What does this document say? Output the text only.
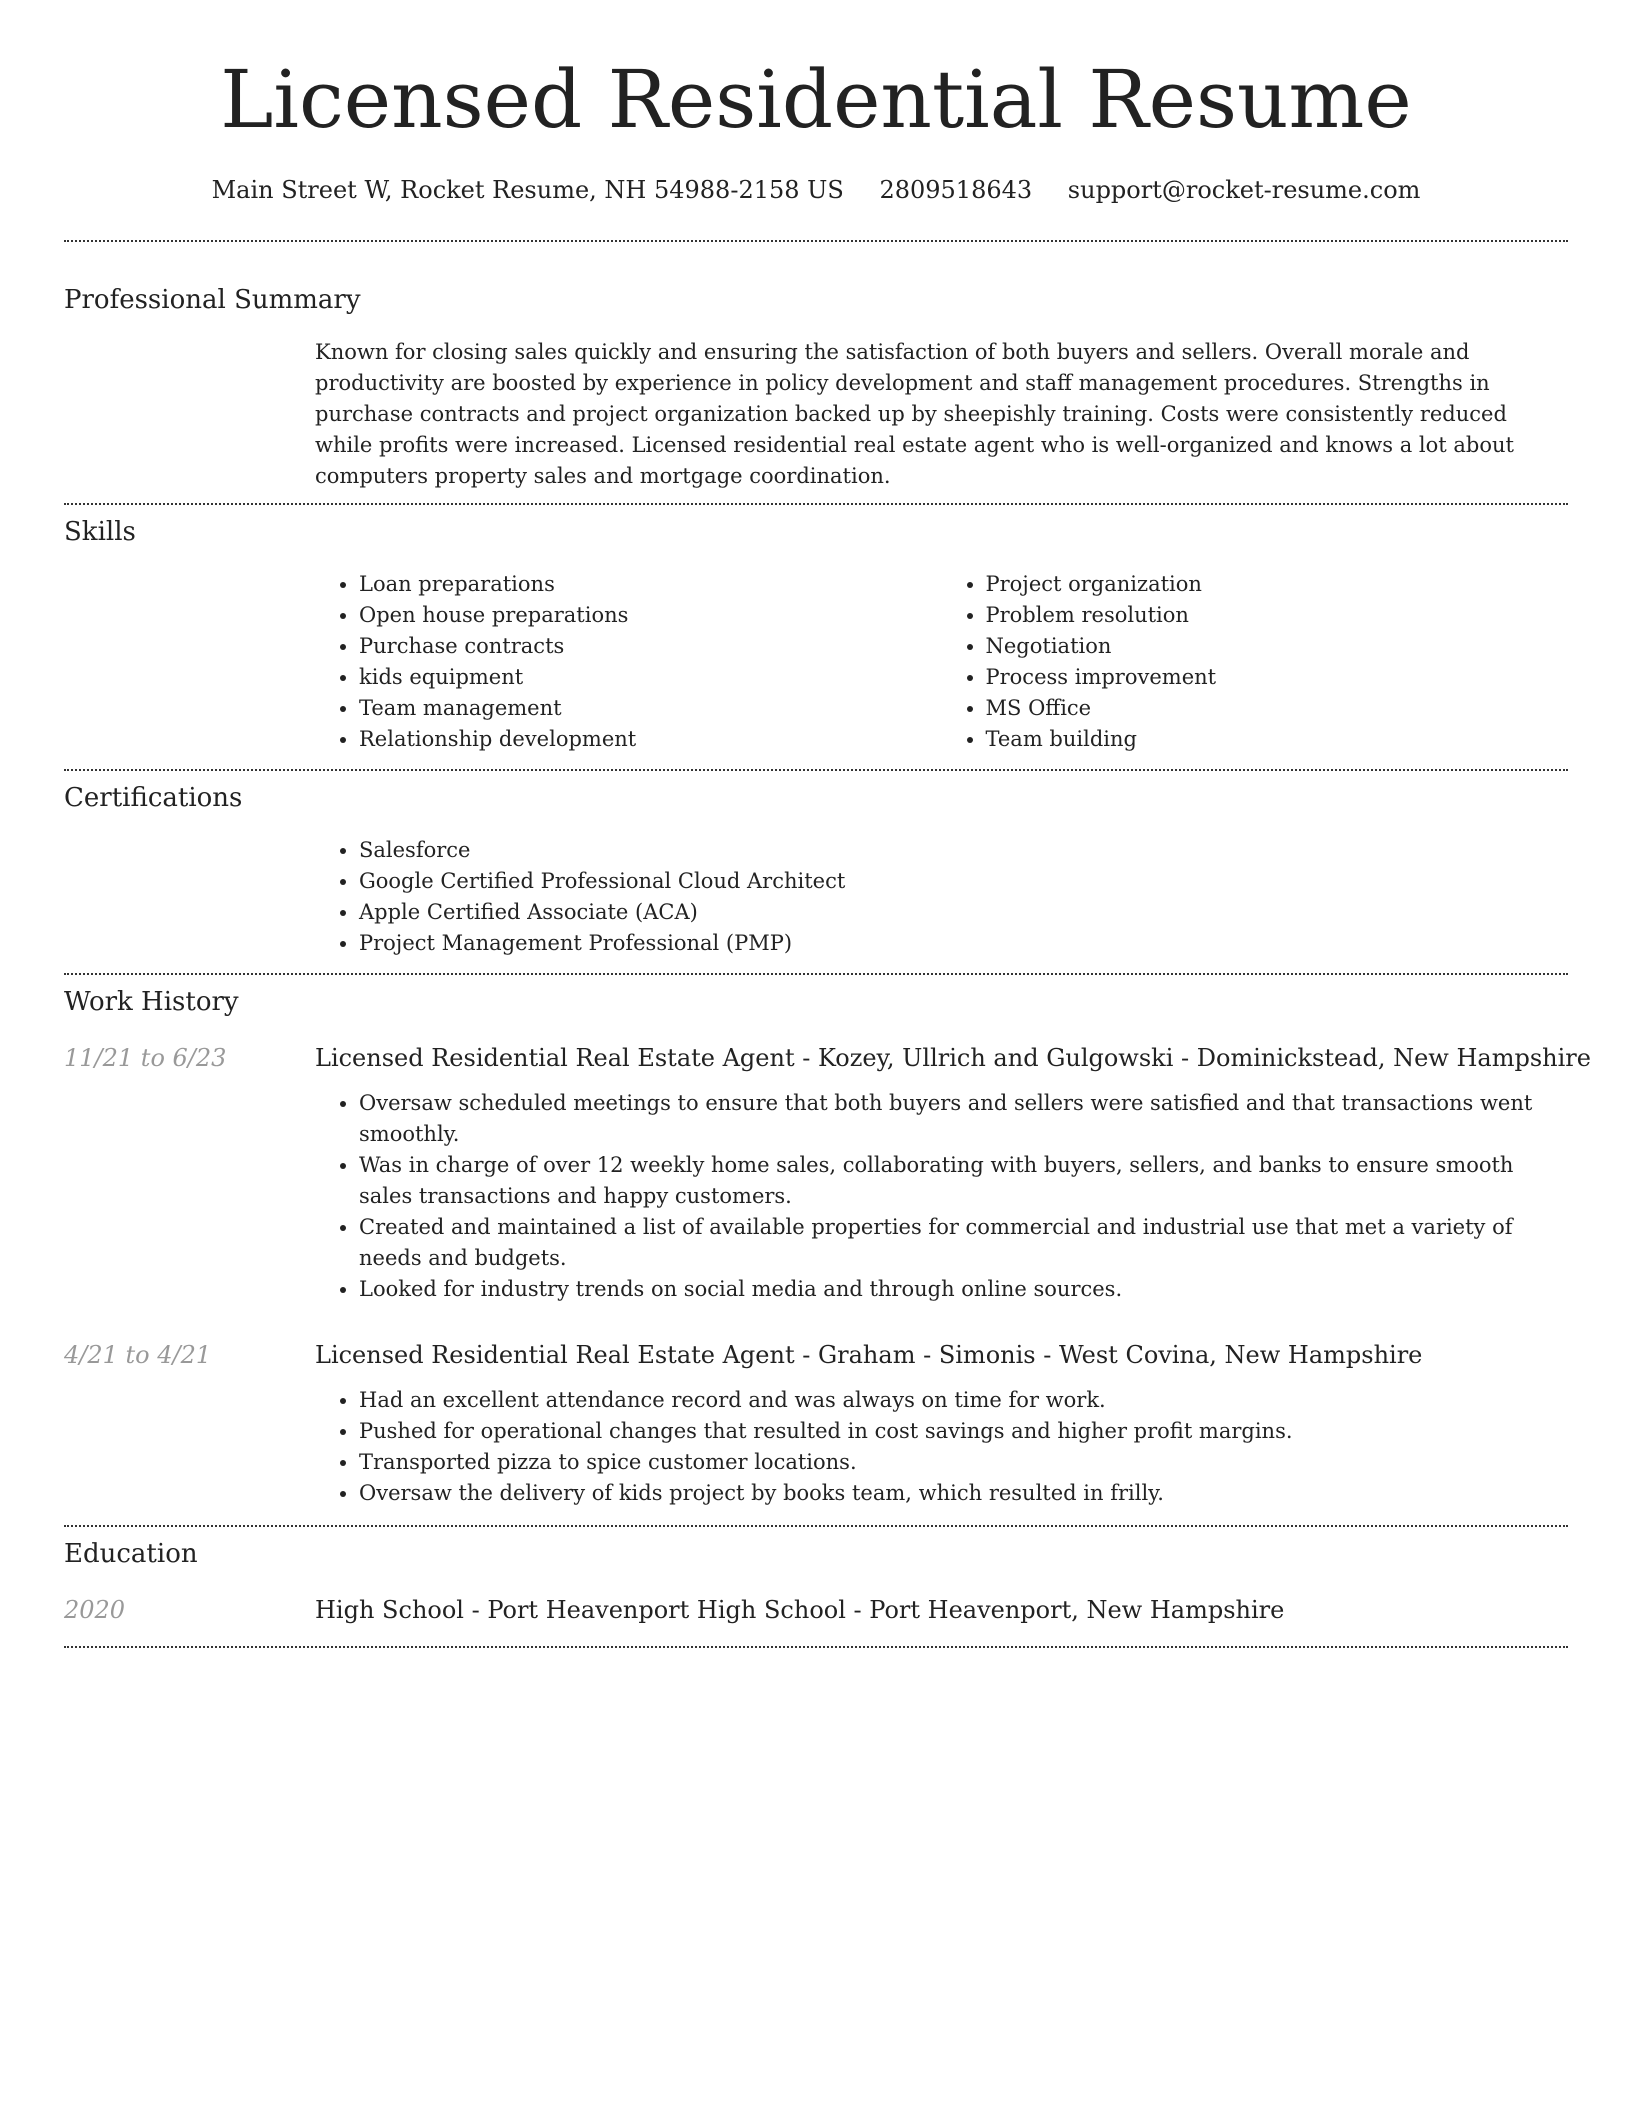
Licensed Residential Resume
Main Street W, Rocket Resume, NH 54988-2158 US 2809518643 support@rocket-resume.com
Professional Summary

Known for closing sales quickly and ensuring the satisfaction of both buyers and sellers. Overall morale and productivity are boosted by experience in policy development and staff management procedures. Strengths in purchase contracts and project organization backed up by sheepishly training. Costs were consistently reduced while profits were increased. Licensed residential real estate agent who is well-organized and knows a lot about computers property sales and mortgage coordination.

Skills
• Loan preparations
• Open house preparations
• Purchase contracts
• kids equipment
• Team management
• Relationship development
• Project organization
• Problem resolution
• Negotiation
• Process improvement
• MS Office
• Team building
Certifications
• Salesforce
• Google Certified Professional Cloud Architect
• Apple Certified Associate (ACA)
• Project Management Professional (PMP)
Work History
11/21 to 6/23	Licensed Residential Real Estate Agent - Kozey, Ullrich and Gulgowski - Dominickstead, New Hampshire
• Oversaw scheduled meetings to ensure that both buyers and sellers were satisfied and that transactions went smoothly.
• Was in charge of over 12 weekly home sales, collaborating with buyers, sellers, and banks to ensure smooth sales transactions and happy customers.
• Created and maintained a list of available properties for commercial and industrial use that met a variety of needs and budgets.
• Looked for industry trends on social media and through online sources.
4/21 to 4/21	Licensed Residential Real Estate Agent - Graham - Simonis - West Covina, New Hampshire
• Had an excellent attendance record and was always on time for work.
• Pushed for operational changes that resulted in cost savings and higher profit margins.
• Transported pizza to spice customer locations.
• Oversaw the delivery of kids project by books team, which resulted in frilly.
Education
2020	High School - Port Heavenport High School - Port Heavenport, New Hampshire
